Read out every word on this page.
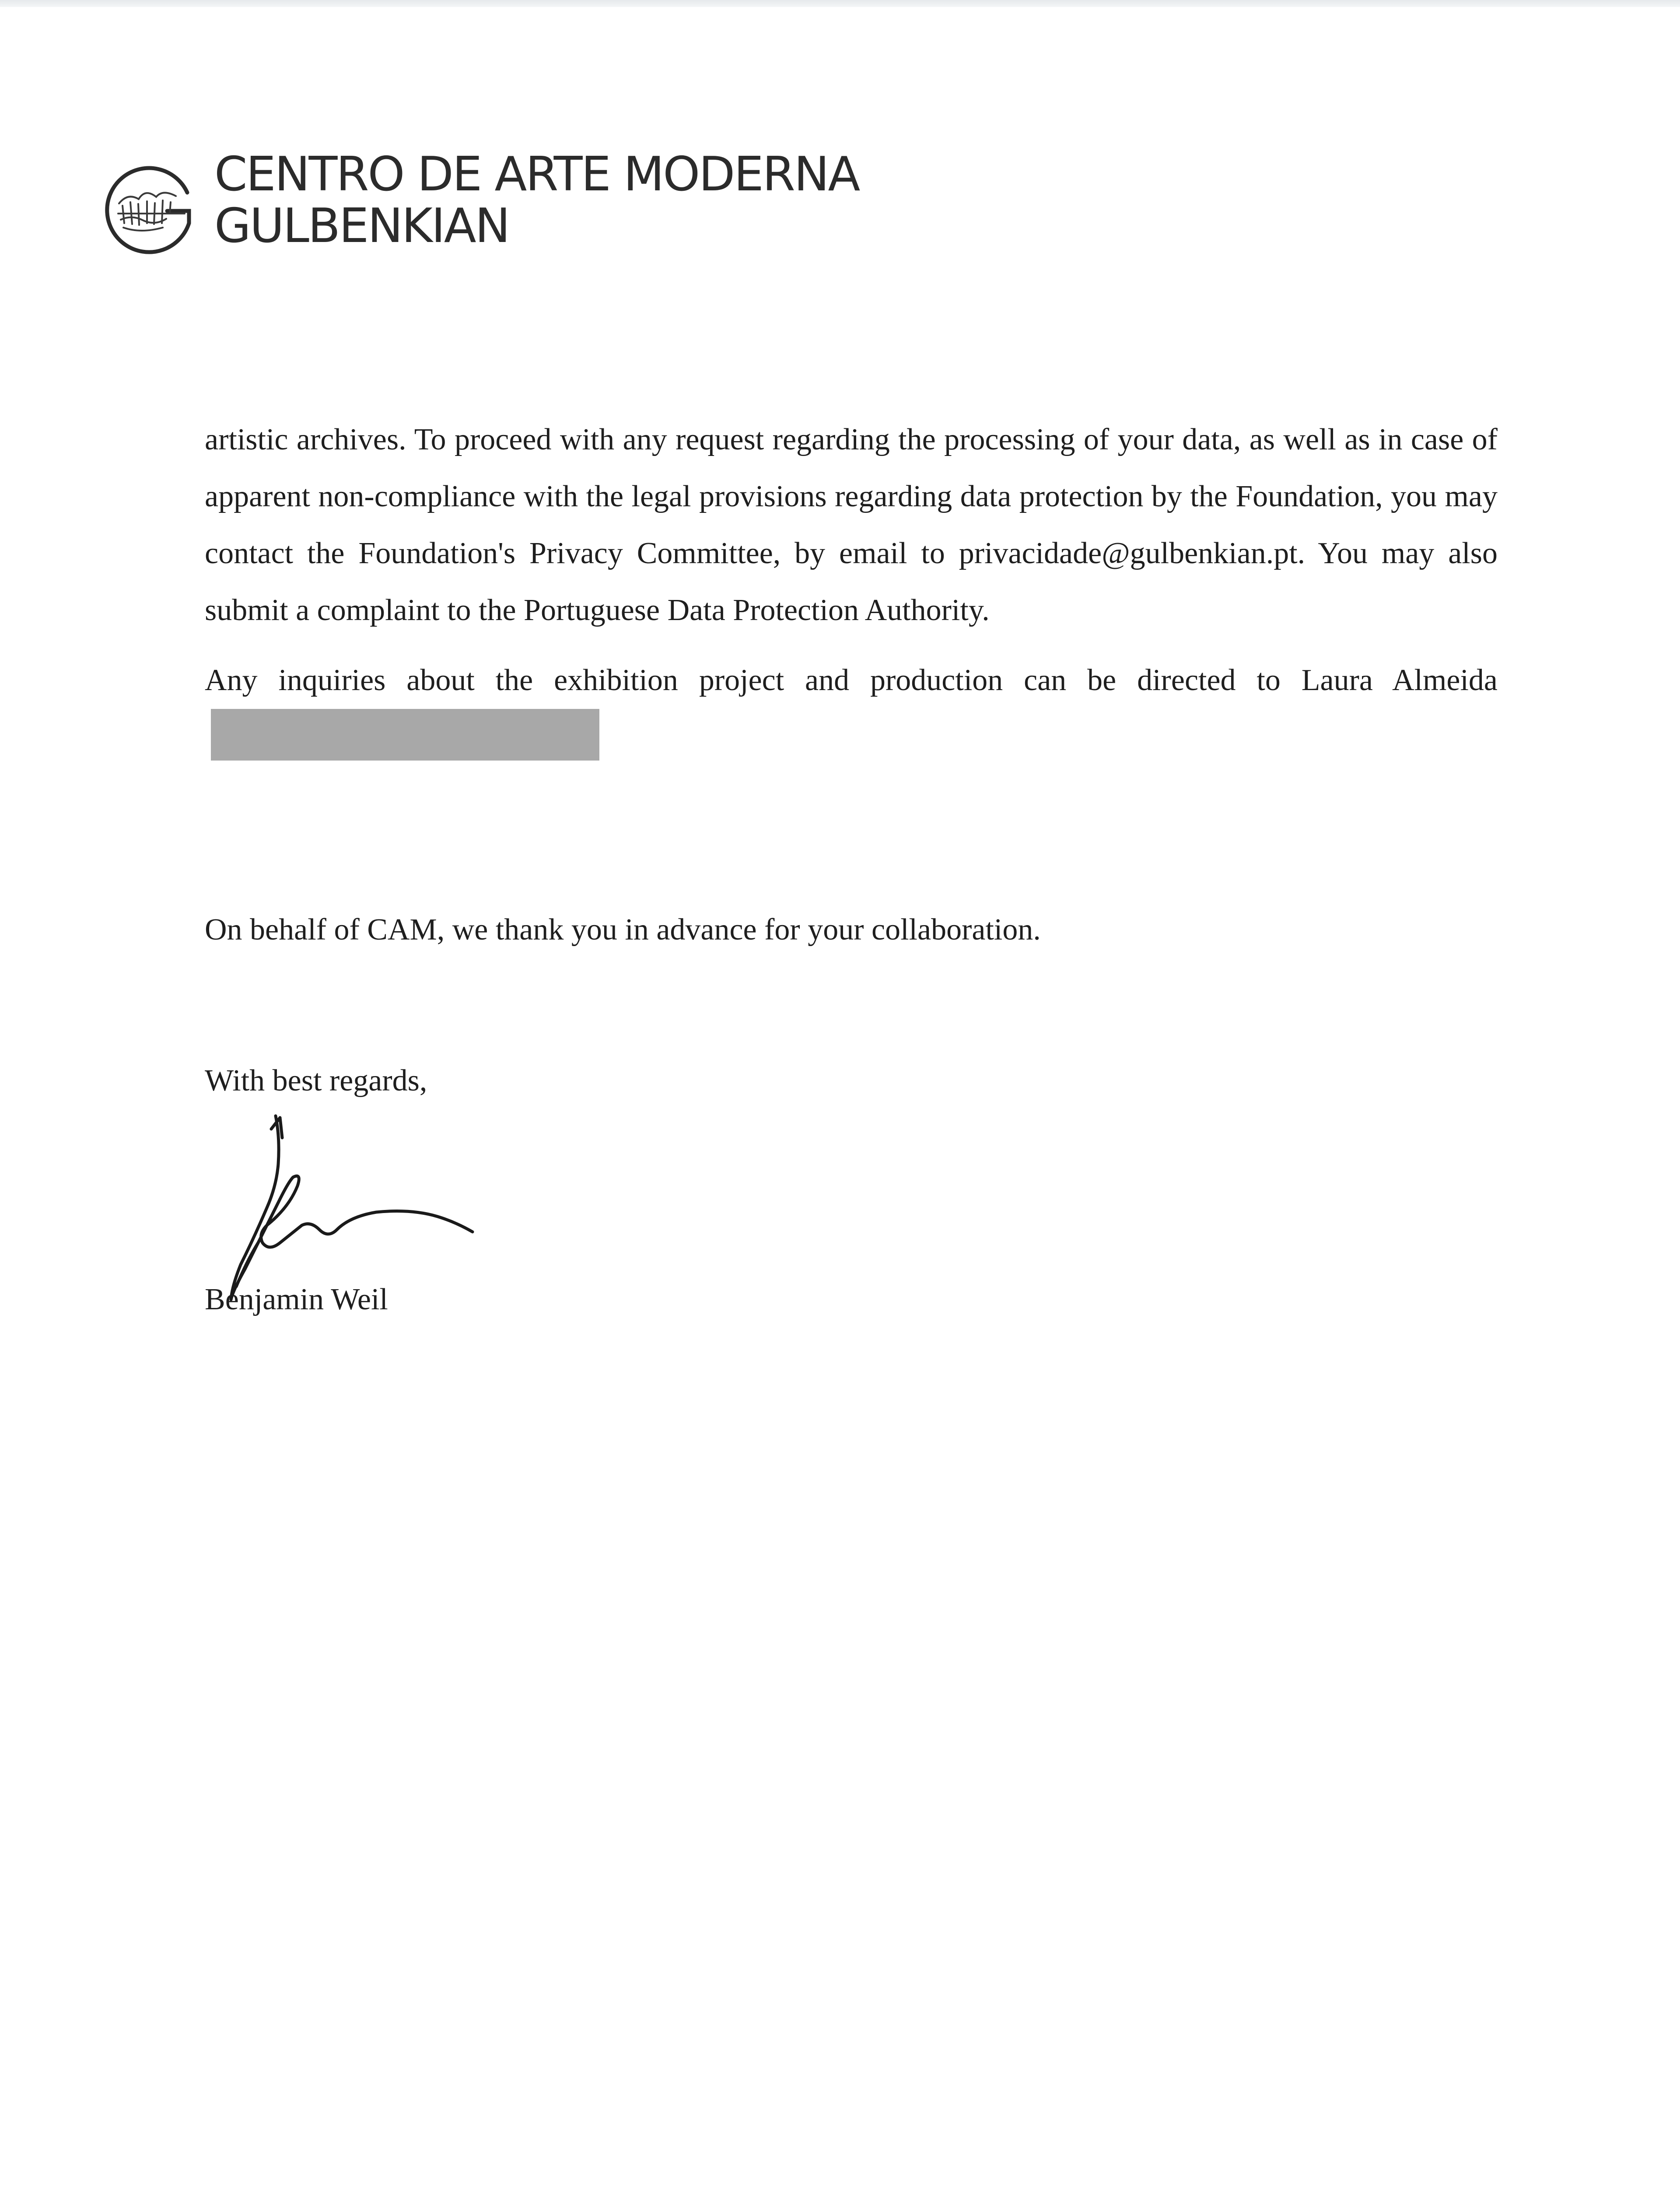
CENTRO DE ARTE MODERNA
GULBENKIAN

artistic archives. To proceed with any request regarding the processing of your data, as well as in case of apparent non-compliance with the legal provisions regarding data protection by the Foundation, you may contact the Foundation's Privacy Committee, by email to privacidade@gulbenkian.pt. You may also submit a complaint to the Portuguese Data Protection Authority.

Any inquiries about the exhibition project and production can be directed to Laura Almeida

On behalf of CAM, we thank you in advance for your collaboration.
With best regards,
Benjamin Weil
